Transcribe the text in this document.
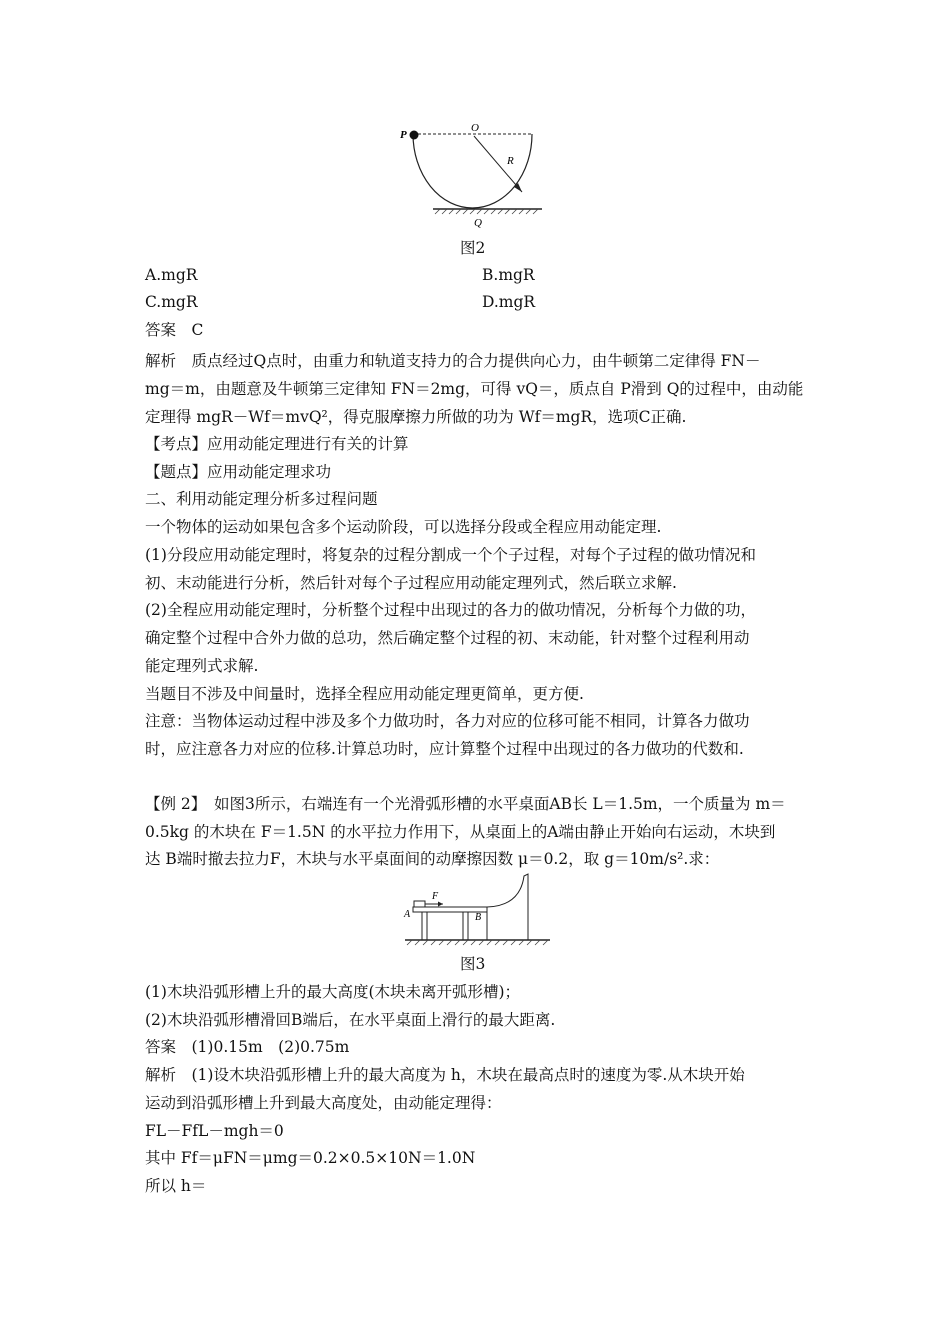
P
O
R
Q
图2
A.mgR	B.mgR
C.mgR	D.mgR
答案　C
解析　质点经过Q点时，由重力和轨道支持力的合力提供向心力，由牛顿第二定律得 FN－
mg＝m，由题意及牛顿第三定律知 FN＝2mg，可得 vQ＝，质点自 P滑到 Q的过程中，由动能
定理得 mgR－Wf＝mvQ²，得克服摩擦力所做的功为 Wf＝mgR，选项C正确.
【考点】应用动能定理进行有关的计算
【题点】应用动能定理求功
二、利用动能定理分析多过程问题
一个物体的运动如果包含多个运动阶段，可以选择分段或全程应用动能定理.
(1)分段应用动能定理时，将复杂的过程分割成一个个子过程，对每个子过程的做功情况和
初、末动能进行分析，然后针对每个子过程应用动能定理列式，然后联立求解.
(2)全程应用动能定理时，分析整个过程中出现过的各力的做功情况，分析每个力做的功，
确定整个过程中合外力做的总功，然后确定整个过程的初、末动能，针对整个过程利用动
能定理列式求解.
当题目不涉及中间量时，选择全程应用动能定理更简单，更方便.
注意：当物体运动过程中涉及多个力做功时，各力对应的位移可能不相同，计算各力做功
时，应注意各力对应的位移.计算总功时，应计算整个过程中出现过的各力做功的代数和.
【例 2】　如图3所示，右端连有一个光滑弧形槽的水平桌面AB长 L＝1.5m，一个质量为 m＝
0.5kg 的木块在 F＝1.5N 的水平拉力作用下，从桌面上的A端由静止开始向右运动，木块到
达 B端时撤去拉力F，木块与水平桌面间的动摩擦因数 μ＝0.2，取 g＝10m/s².求：
F
A	B
图3
(1)木块沿弧形槽上升的最大高度(木块未离开弧形槽)；
(2)木块沿弧形槽滑回B端后，在水平桌面上滑行的最大距离.
答案　(1)0.15m　(2)0.75m
解析　(1)设木块沿弧形槽上升的最大高度为 h，木块在最高点时的速度为零.从木块开始
运动到沿弧形槽上升到最大高度处，由动能定理得：
FL－FfL－mgh＝0
其中 Ff＝μFN＝μmg＝0.2×0.5×10N＝1.0N
所以 h＝
